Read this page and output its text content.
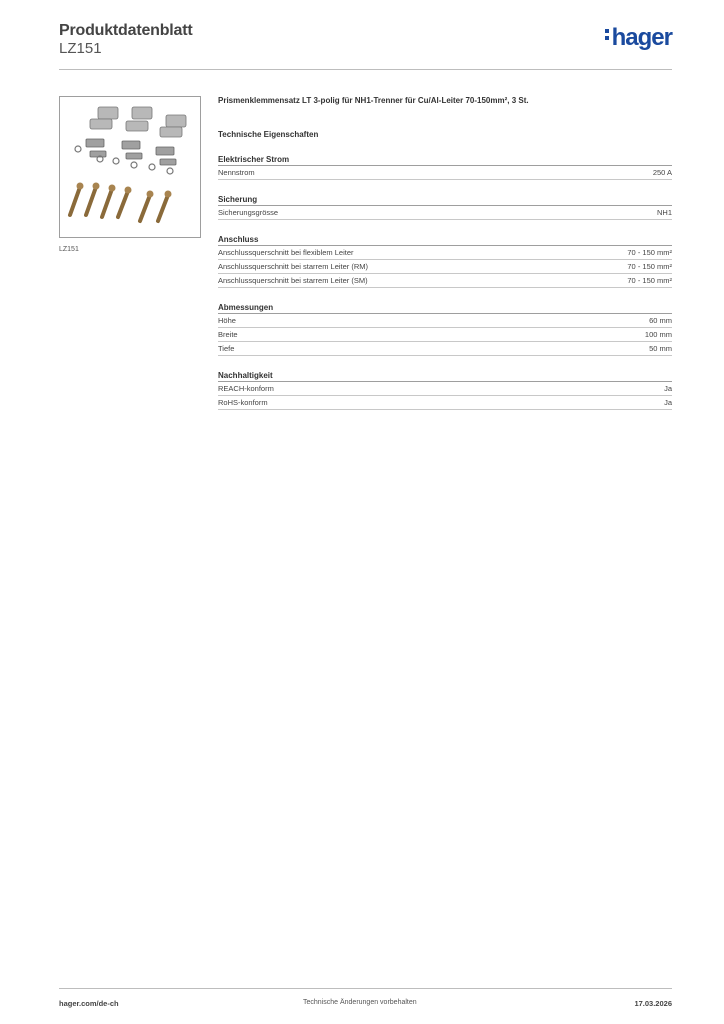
Produktdatenblatt
LZ151	hager
LZ151
Prismenklemmensatz LT 3-polig für NH1-Trenner für Cu/Al-Leiter 70-150mm², 3 St.
Technische Eigenschaften
Elektrischer Strom
Nennstrom	250 A
Sicherung
Sicherungsgrösse	NH1
Anschluss
Anschlussquerschnitt bei flexiblem Leiter	70 - 150 mm²
Anschlussquerschnitt bei starrem Leiter (RM)	70 - 150 mm²
Anschlussquerschnitt bei starrem Leiter (SM)	70 - 150 mm²
Abmessungen
Höhe	60 mm
Breite	100 mm
Tiefe	50 mm
Nachhaltigkeit
REACH-konform	Ja
RoHS-konform	Ja
hager.com/de-ch	Technische Änderungen vorbehalten	17.03.2026
